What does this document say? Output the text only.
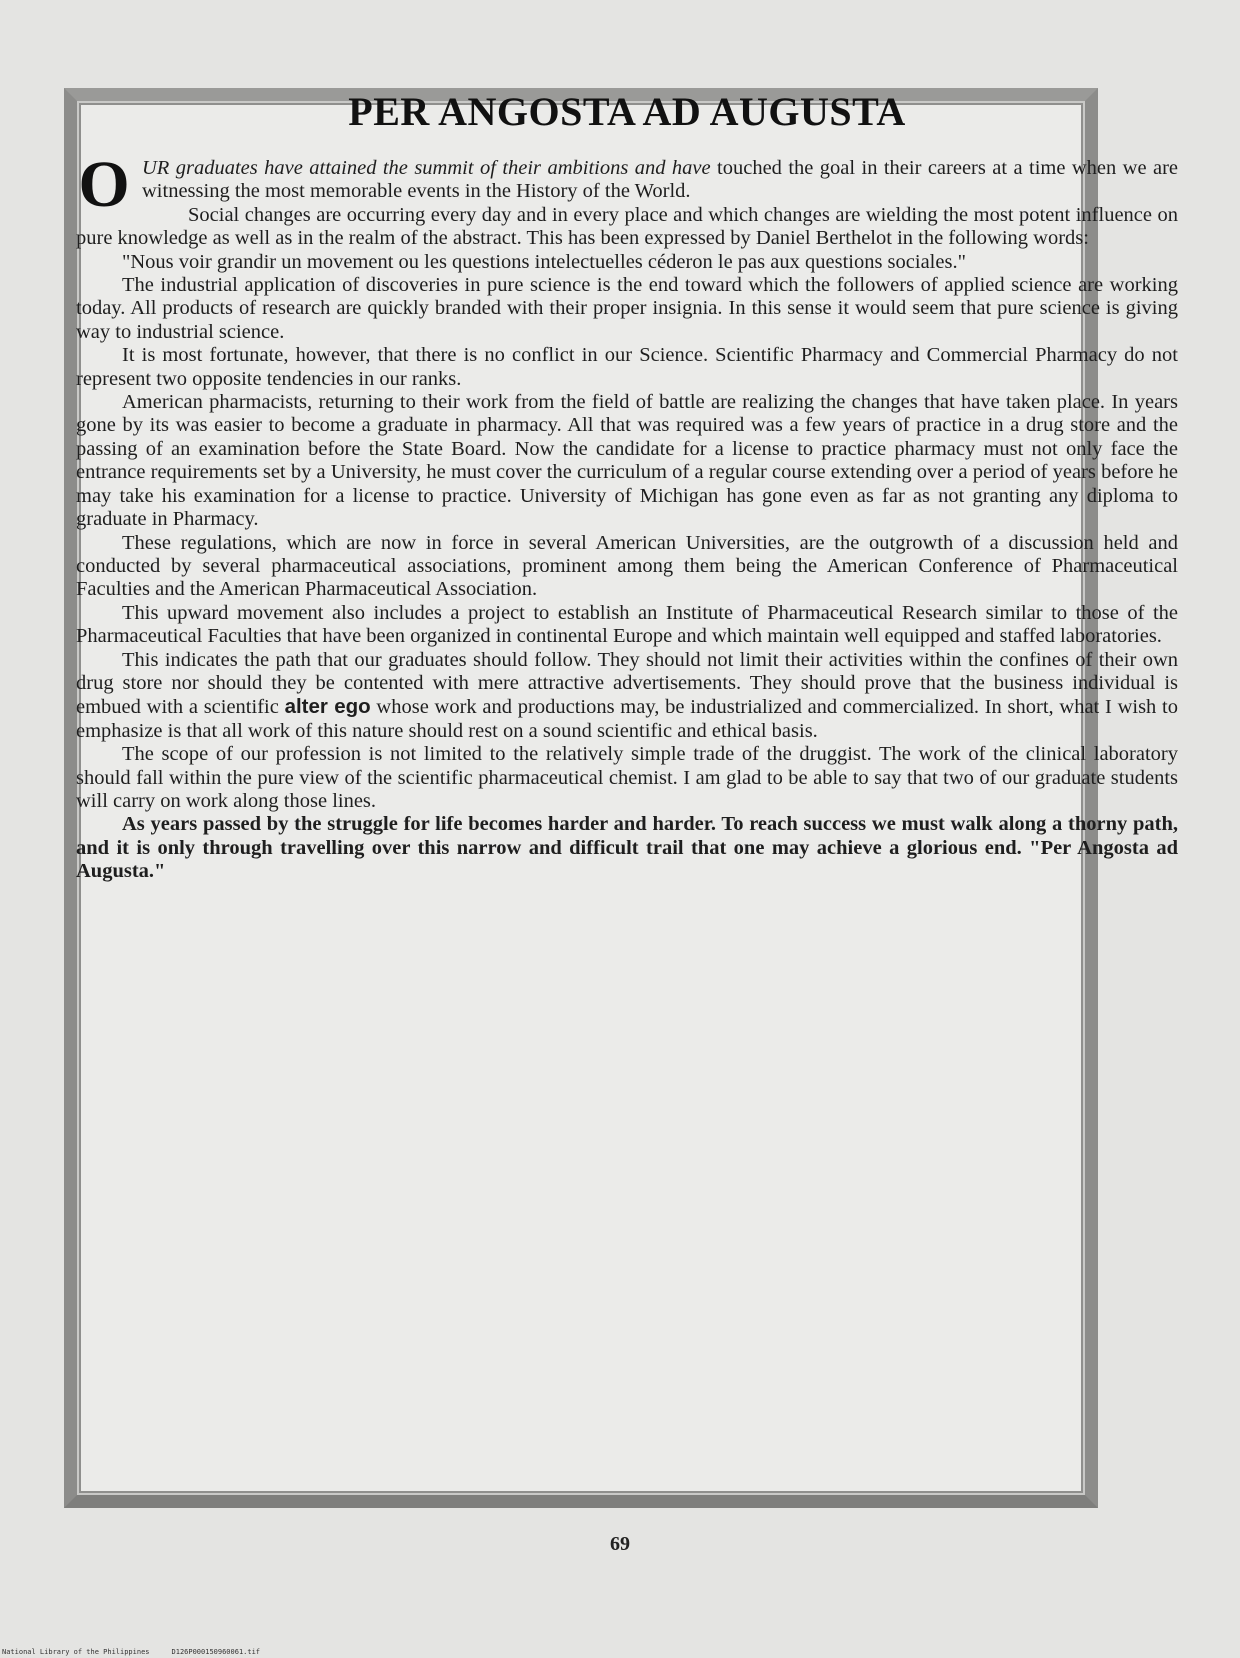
PER ANGOSTA AD AUGUSTA

OUR graduates have attained the summit of their ambitions and have touched the goal in their careers at a time when we are witnessing the most memorable events in the History of the World.

Social changes are occurring every day and in every place and which changes are wielding the most potent influence on pure knowledge as well as in the realm of the abstract. This has been expressed by Daniel Berthelot in the following words:

"Nous voir grandir un movement ou les questions intelectuelles céderon le pas aux questions sociales."

The industrial application of discoveries in pure science is the end toward which the followers of applied science are working today. All products of research are quickly branded with their proper insignia. In this sense it would seem that pure science is giving way to industrial science.

It is most fortunate, however, that there is no conflict in our Science. Scientific Pharmacy and Commercial Pharmacy do not represent two opposite tendencies in our ranks.

American pharmacists, returning to their work from the field of battle are realizing the changes that have taken place. In years gone by its was easier to become a graduate in pharmacy. All that was required was a few years of practice in a drug store and the passing of an examination before the State Board. Now the candidate for a license to practice pharmacy must not only face the entrance requirements set by a University, he must cover the curriculum of a regular course extending over a period of years before he may take his examination for a license to practice. University of Michigan has gone even as far as not granting any diploma to graduate in Pharmacy.

These regulations, which are now in force in several American Universities, are the outgrowth of a discussion held and conducted by several pharmaceutical associations, prominent among them being the American Conference of Pharmaceutical Faculties and the American Pharmaceutical Association.

This upward movement also includes a project to establish an Institute of Pharmaceutical Research similar to those of the Pharmaceutical Faculties that have been organized in continental Europe and which maintain well equipped and staffed laboratories.

This indicates the path that our graduates should follow. They should not limit their activities within the confines of their own drug store nor should they be contented with mere attractive advertisements. They should prove that the business individual is embued with a scientific alter ego whose work and productions may, be industrialized and commercialized. In short, what I wish to emphasize is that all work of this nature should rest on a sound scientific and ethical basis.

The scope of our profession is not limited to the relatively simple trade of the druggist. The work of the clinical laboratory should fall within the pure view of the scientific pharmaceutical chemist. I am glad to be able to say that two of our graduate students will carry on work along those lines.

As years passed by the struggle for life becomes harder and harder. To reach success we must walk along a thorny path, and it is only through travelling over this narrow and difficult trail that one may achieve a glorious end. "Per Angosta ad Augusta."

69
National Library of the Philippines	D126P000150960061.tif
